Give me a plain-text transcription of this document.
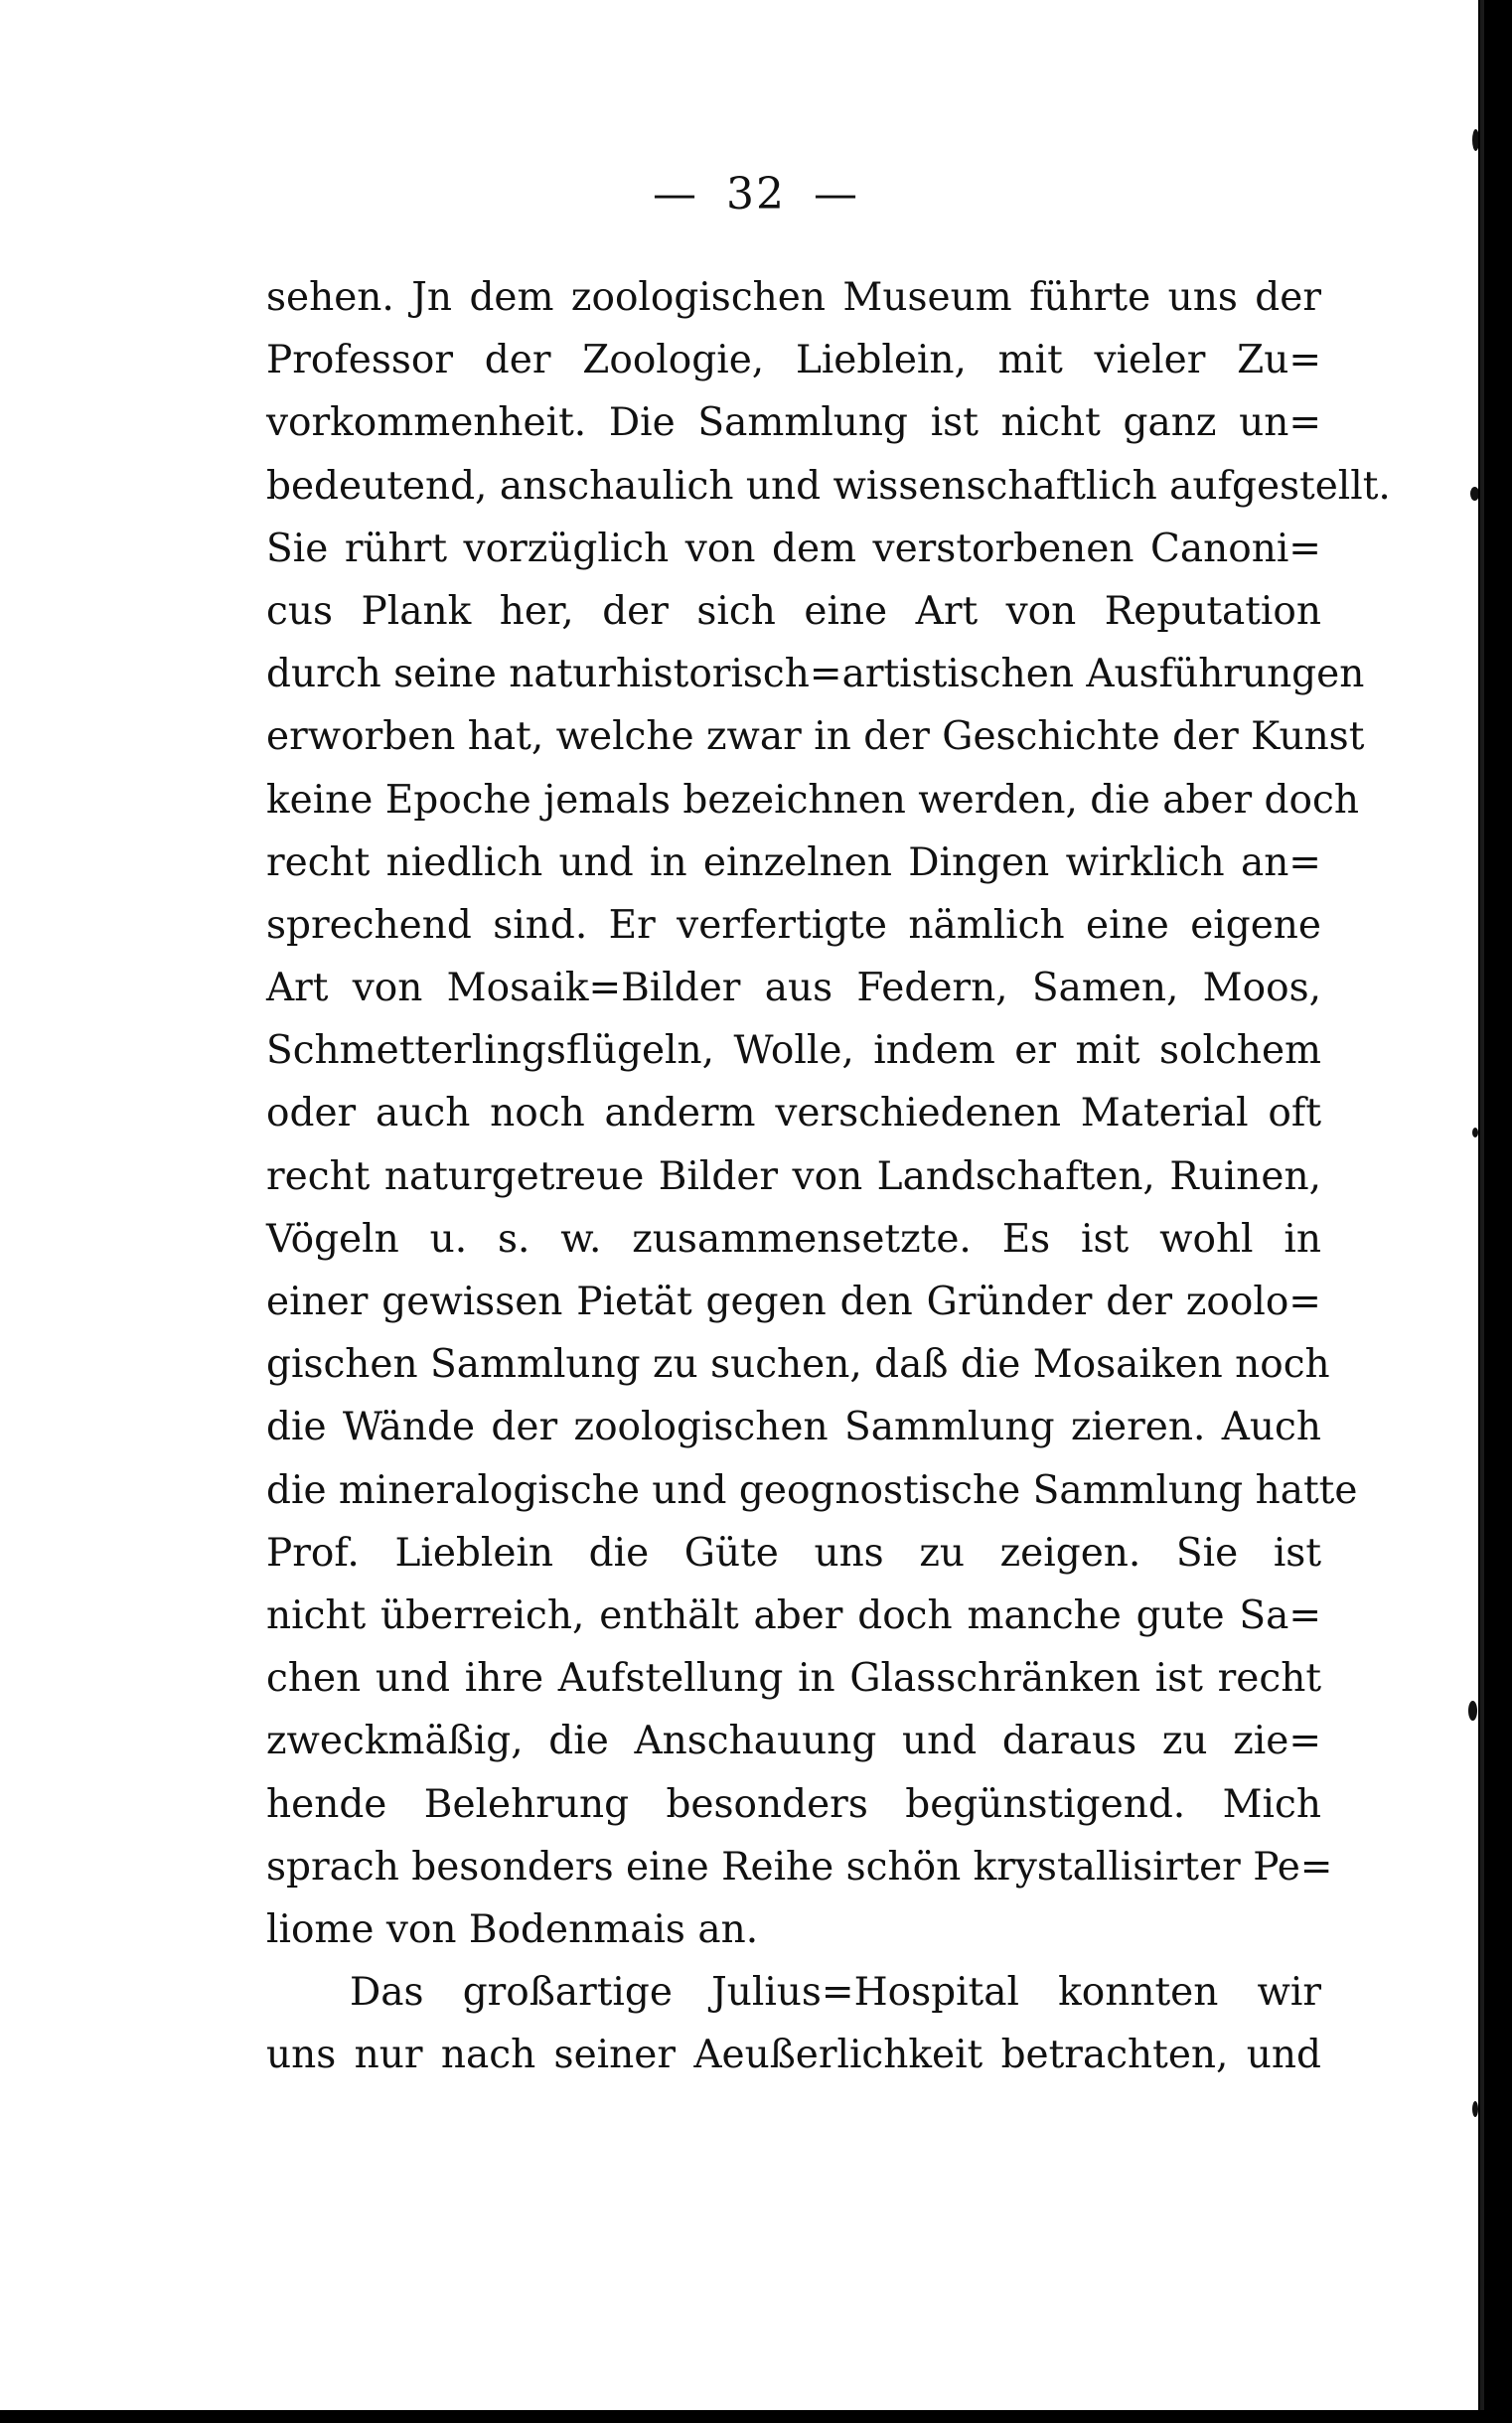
— 32 —
sehen. Jn dem zoologischen Museum führte uns der
Professor der Zoologie, Lieblein, mit vieler Zu=
vorkommenheit. Die Sammlung ist nicht ganz un=
bedeutend, anschaulich und wissenschaftlich aufgestellt.
Sie rührt vorzüglich von dem verstorbenen Canoni=
cus Plank her, der sich eine Art von Reputation
durch seine naturhistorisch=artistischen Ausführungen
erworben hat, welche zwar in der Geschichte der Kunst
keine Epoche jemals bezeichnen werden, die aber doch
recht niedlich und in einzelnen Dingen wirklich an=
sprechend sind. Er verfertigte nämlich eine eigene
Art von Mosaik=Bilder aus Federn, Samen, Moos,
Schmetterlingsflügeln, Wolle, indem er mit solchem
oder auch noch anderm verschiedenen Material oft
recht naturgetreue Bilder von Landschaften, Ruinen,
Vögeln u. s. w. zusammensetzte. Es ist wohl in
einer gewissen Pietät gegen den Gründer der zoolo=
gischen Sammlung zu suchen, daß die Mosaiken noch
die Wände der zoologischen Sammlung zieren. Auch
die mineralogische und geognostische Sammlung hatte
Prof. Lieblein die Güte uns zu zeigen. Sie ist
nicht überreich, enthält aber doch manche gute Sa=
chen und ihre Aufstellung in Glasschränken ist recht
zweckmäßig, die Anschauung und daraus zu zie=
hende Belehrung besonders begünstigend. Mich
sprach besonders eine Reihe schön krystallisirter Pe=
liome von Bodenmais an.
Das großartige Julius=Hospital konnten wir
uns nur nach seiner Aeußerlichkeit betrachten, und
